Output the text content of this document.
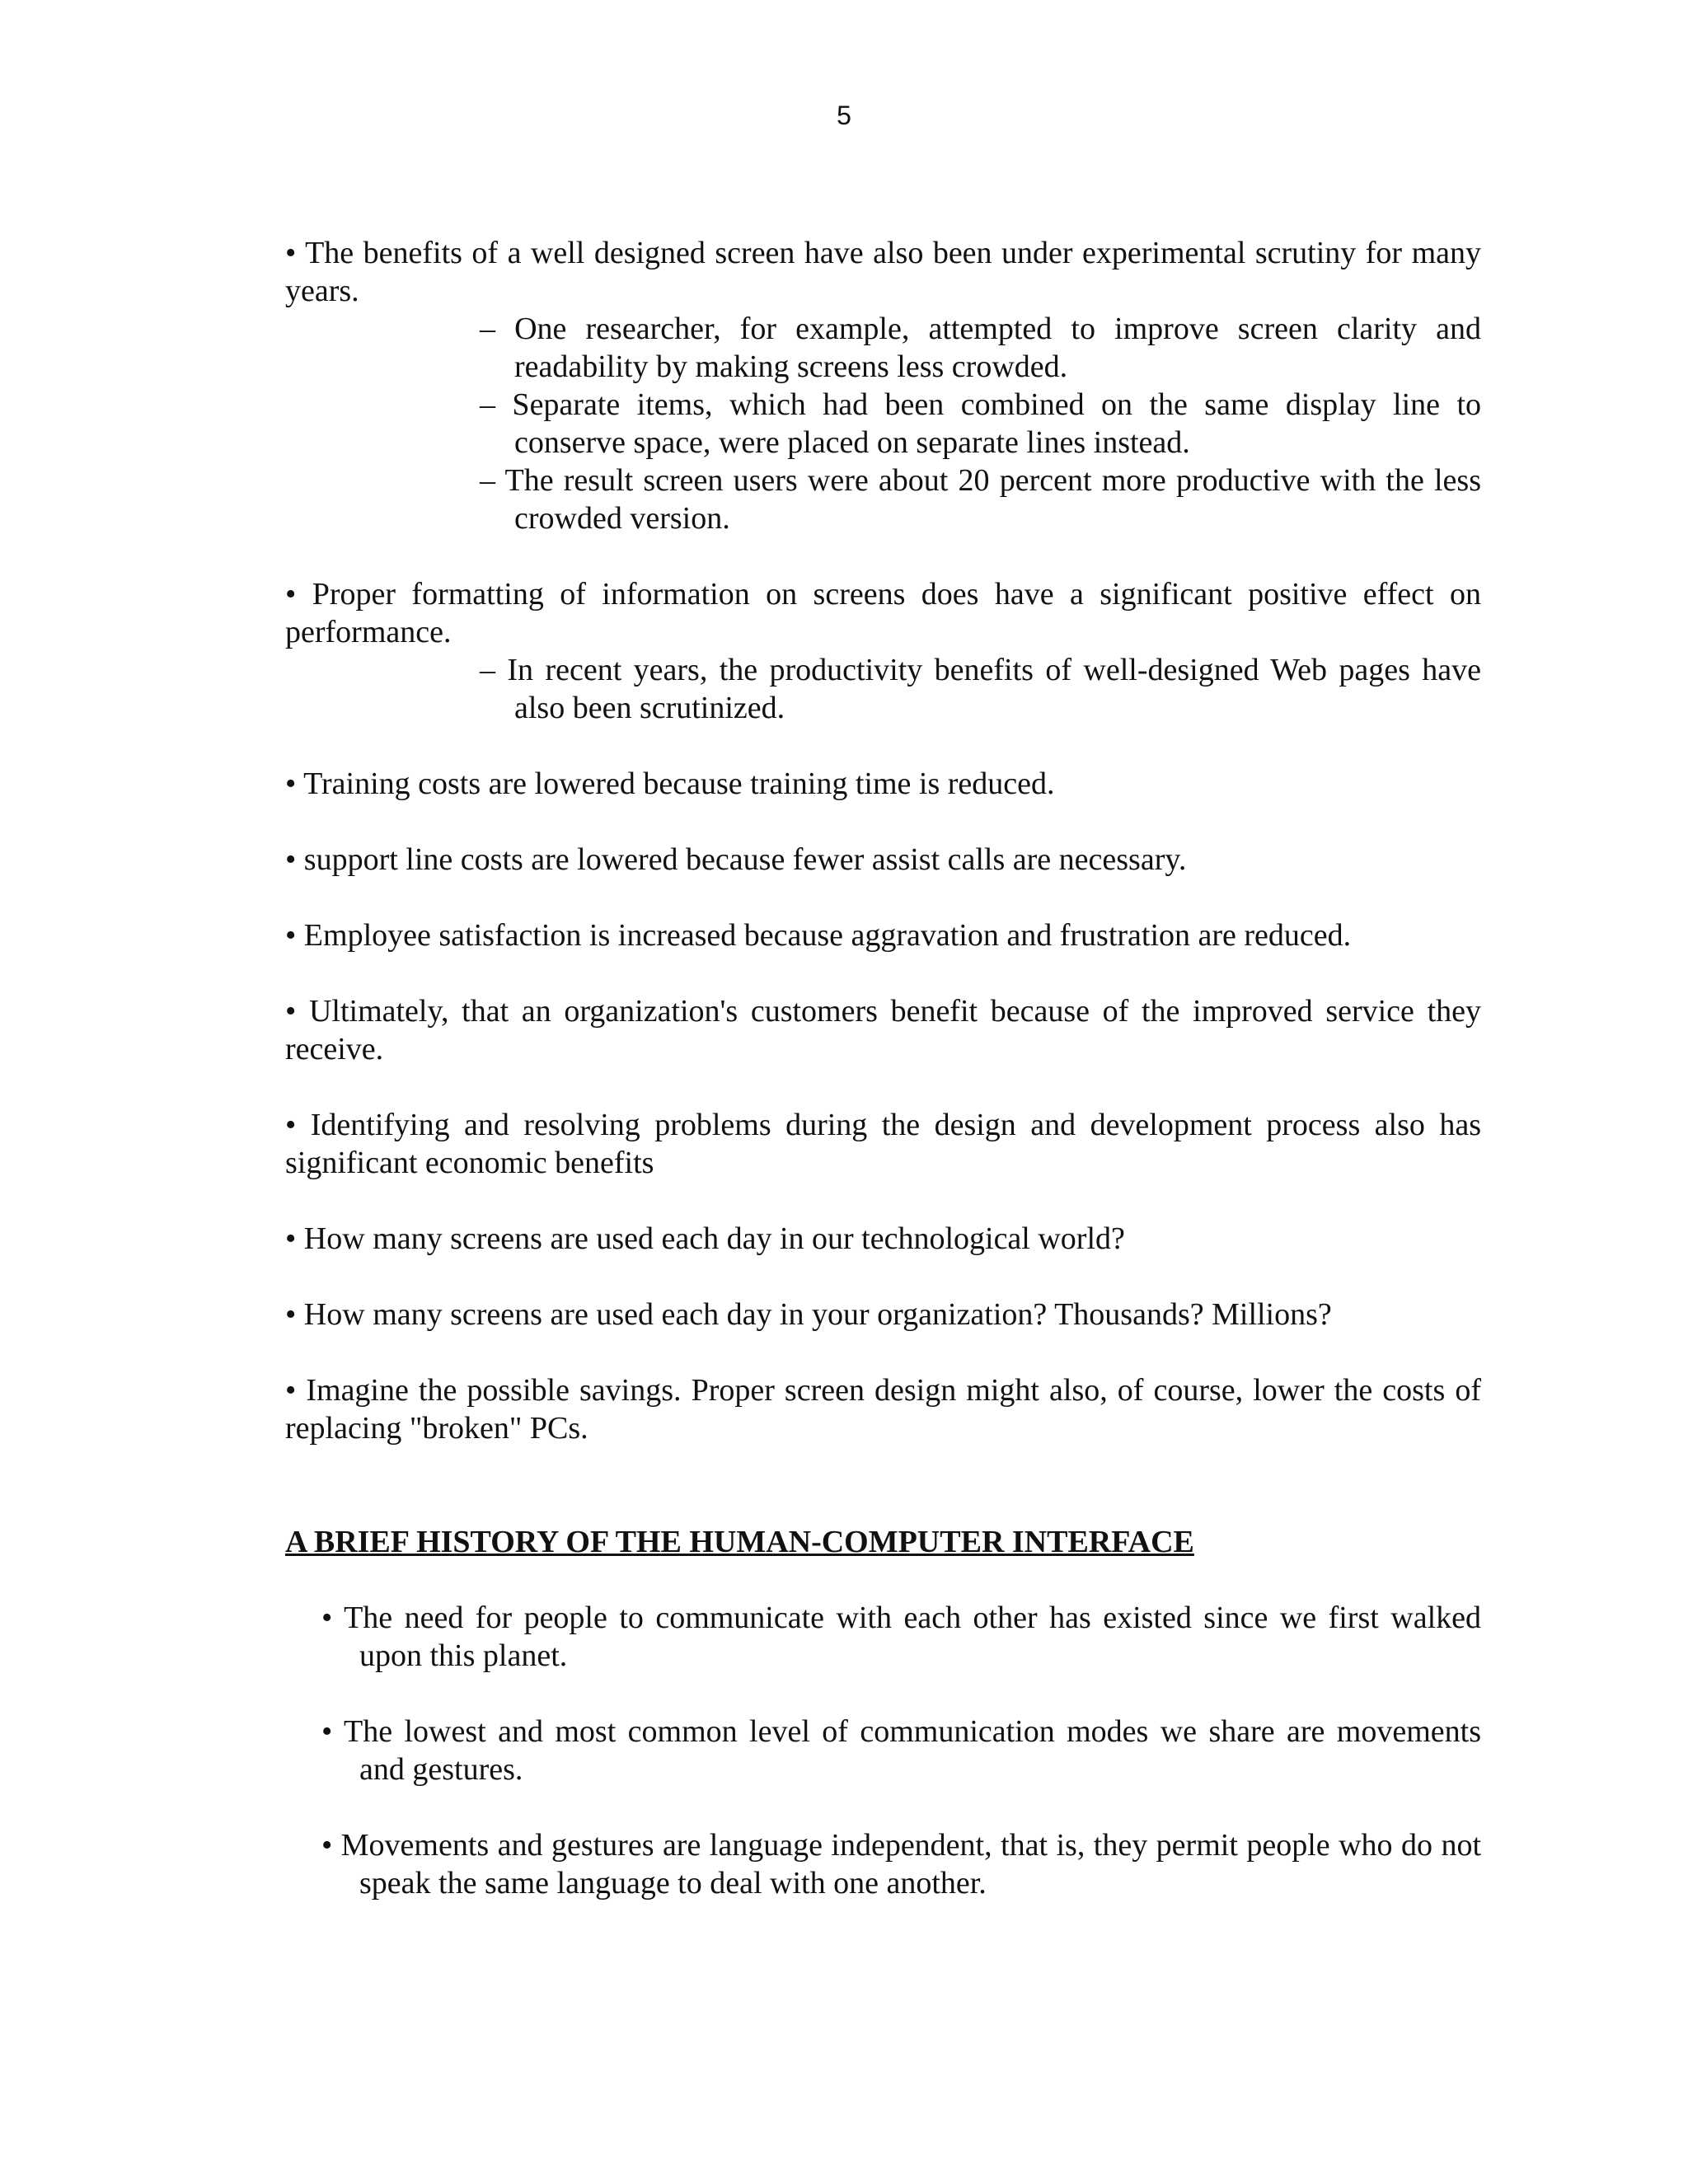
5

• The benefits of a well designed screen have also been under experimental scrutiny for many years.

– One researcher, for example, attempted to improve screen clarity and readability by making screens less crowded.

– Separate items, which had been combined on the same display line to conserve space, were placed on separate lines instead.

– The result screen users were about 20 percent more productive with the less crowded version.

• Proper formatting of information on screens does have a significant positive effect on performance.

– In recent years, the productivity benefits of well-designed Web pages have also been scrutinized.

• Training costs are lowered because training time is reduced.

• support line costs are lowered because fewer assist calls are necessary.

• Employee satisfaction is increased because aggravation and frustration are reduced.

• Ultimately, that an organization's customers benefit because of the improved service they receive.

• Identifying and resolving problems during the design and development process also has significant economic benefits

• How many screens are used each day in our technological world?

• How many screens are used each day in your organization? Thousands? Millions?

• Imagine the possible savings. Proper screen design might also, of course, lower the costs of replacing "broken" PCs.

A BRIEF HISTORY OF THE HUMAN-COMPUTER INTERFACE

• The need for people to communicate with each other has existed since we first walked upon this planet.

• The lowest and most common level of communication modes we share are movements and gestures.

• Movements and gestures are language independent, that is, they permit people who do not speak the same language to deal with one another.
